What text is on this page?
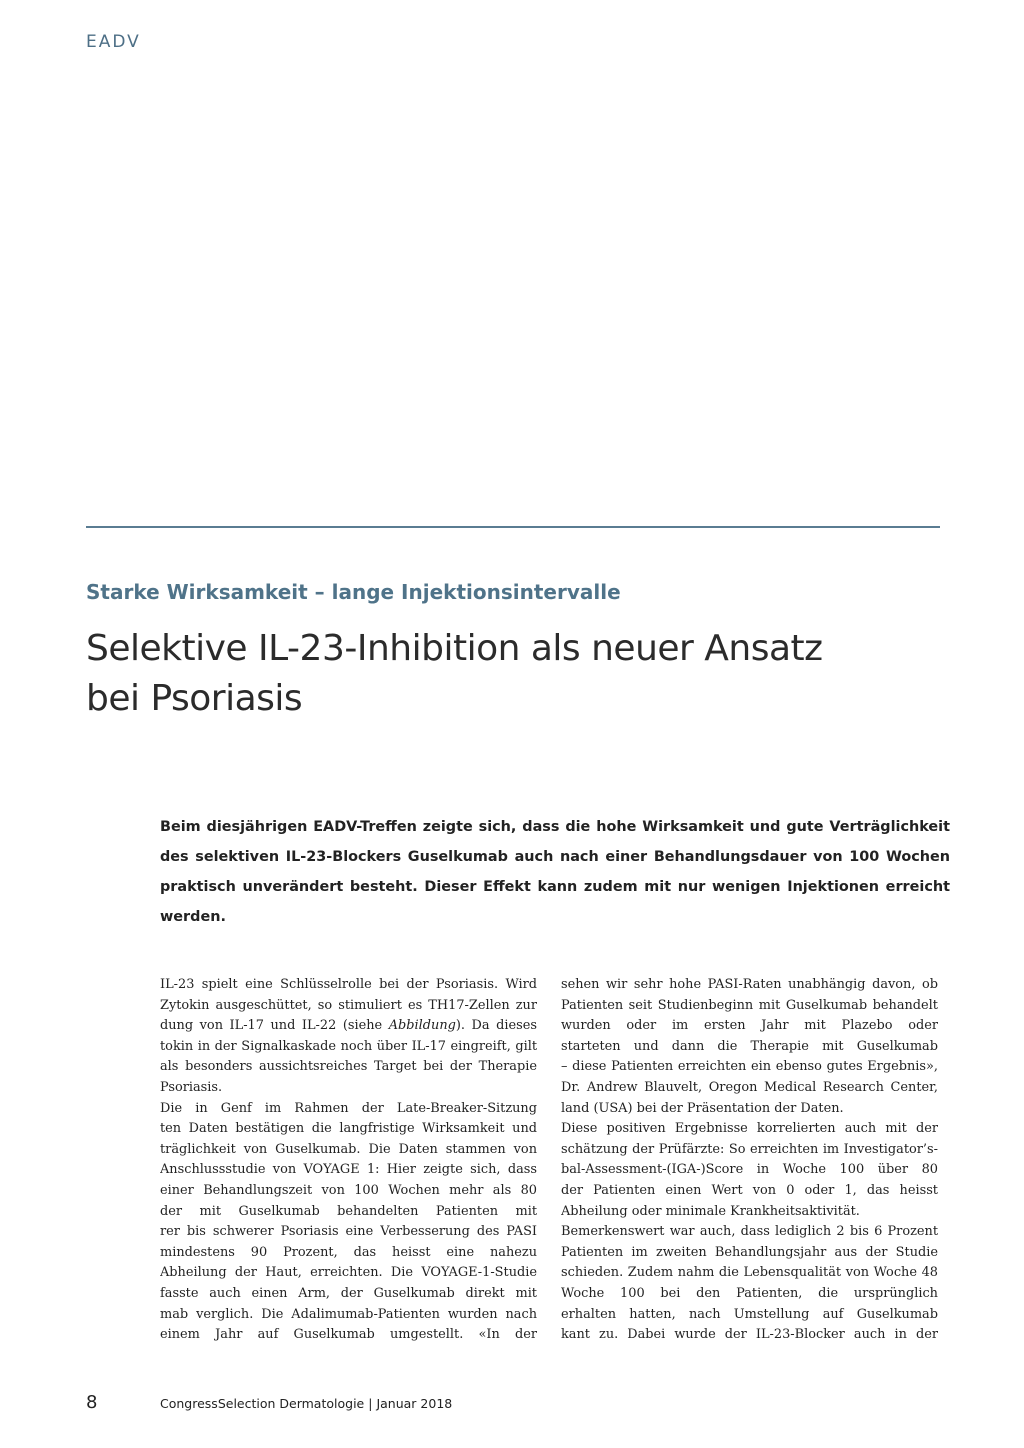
EADV
Starke Wirksamkeit – lange Injektionsintervalle
Selektive IL-23-Inhibition als neuer Ansatz
bei Psoriasis

Beim diesjährigen EADV-Treffen zeigte sich, dass die hohe Wirksamkeit und gute Verträglichkeit des selektiven IL-23-Blockers Guselkumab auch nach einer Behandlungsdauer von 100 Wochen praktisch unverändert besteht. Dieser Effekt kann zudem mit nur wenigen Injektionen erreicht werden.

IL-23 spielt eine Schlüsselrolle bei der Psoriasis. Wird
Zytokin ausgeschüttet, so stimuliert es TH17-Zellen zur
dung von IL-17 und IL-22 (siehe Abbildung). Da dieses
tokin in der Signalkaskade noch über IL-17 eingreift, gilt
als besonders aussichtsreiches Target bei der Therapie
Psoriasis.
Die in Genf im Rahmen der Late-Breaker-Sitzung
ten Daten bestätigen die langfristige Wirksamkeit und
träglichkeit von Guselkumab. Die Daten stammen von
Anschlussstudie von VOYAGE 1: Hier zeigte sich, dass
einer Behandlungszeit von 100 Wochen mehr als 80
der mit Guselkumab behandelten Patienten mit
rer bis schwerer Psoriasis eine Verbesserung des PASI
mindestens 90 Prozent, das heisst eine nahezu
Abheilung der Haut, erreichten. Die VOYAGE-1-Studie
fasste auch einen Arm, der Guselkumab direkt mit
mab verglich. Die Adalimumab-Patienten wurden nach
einem Jahr auf Guselkumab umgestellt. «In der
sehen wir sehr hohe PASI-Raten unabhängig davon, ob
Patienten seit Studienbeginn mit Guselkumab behandelt
wurden oder im ersten Jahr mit Plazebo oder
starteten und dann die Therapie mit Guselkumab
– diese Patienten erreichten ein ebenso gutes Ergebnis»,
Dr. Andrew Blauvelt, Oregon Medical Research Center,
land (USA) bei der Präsentation der Daten.
Diese positiven Ergebnisse korrelierten auch mit der
schätzung der Prüfärzte: So erreichten im Investigator’s-
bal-Assessment-(IGA-)Score in Woche 100 über 80
der Patienten einen Wert von 0 oder 1, das heisst
Abheilung oder minimale Krankheitsaktivität.
Bemerkenswert war auch, dass lediglich 2 bis 6 Prozent
Patienten im zweiten Behandlungsjahr aus der Studie
schieden. Zudem nahm die Lebensqualität von Woche 48
Woche 100 bei den Patienten, die ursprünglich
erhalten hatten, nach Umstellung auf Guselkumab
kant zu. Dabei wurde der IL-23-Blocker auch in der
8	CongressSelection Dermatologie | Januar 2018
